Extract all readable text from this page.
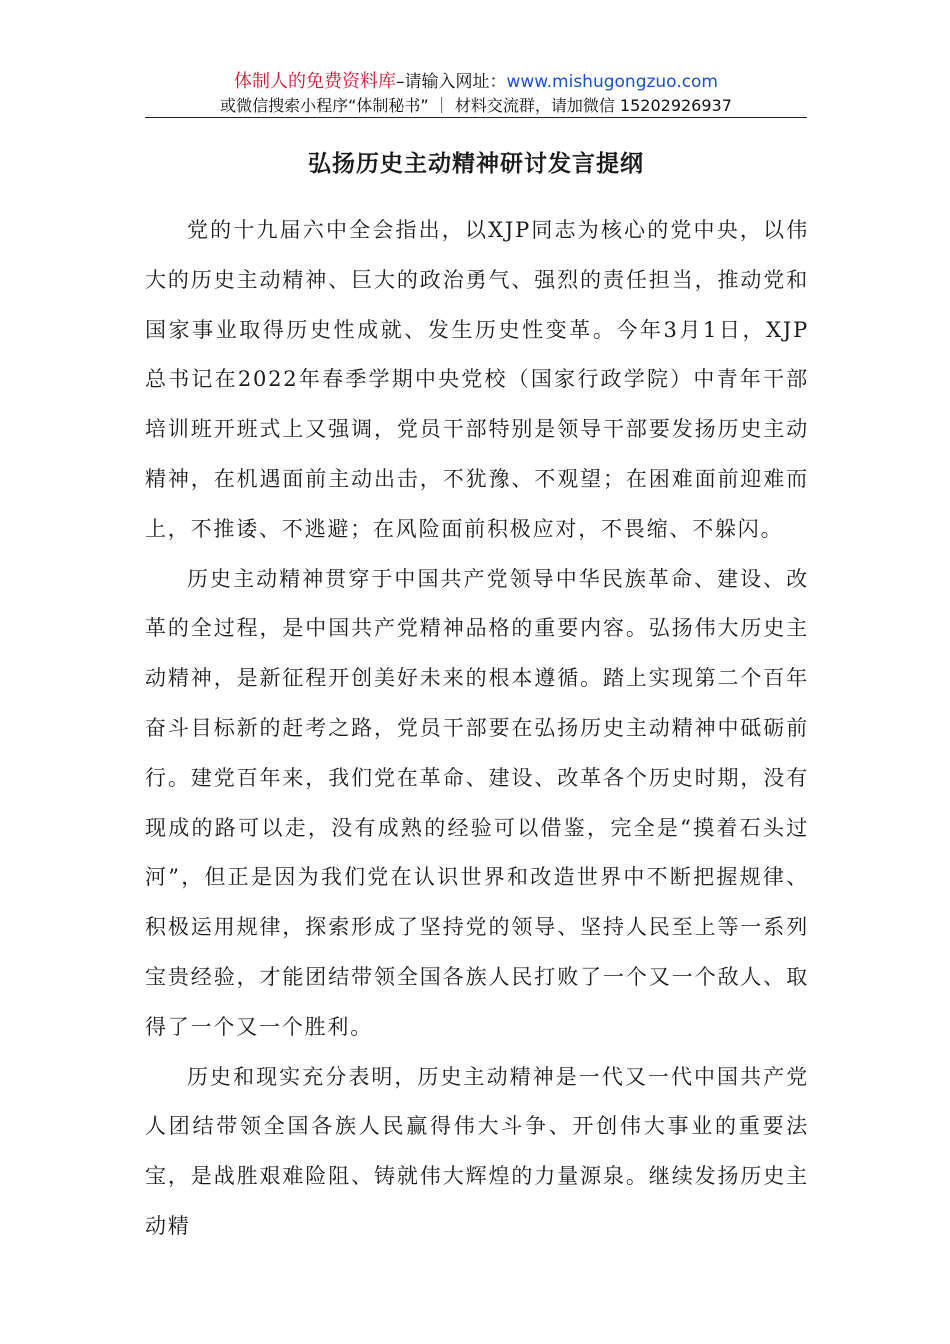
体制人的免费资料库–请输入网址：www.mishugongzuo.com
或微信搜索小程序“体制秘书” ｜ 材料交流群，请加微信 15202926937
弘扬历史主动精神研讨发言提纲

党的十九届六中全会指出，以XJP同志为核心的党中央，以伟大的历史主动精神、巨大的政治勇气、强烈的责任担当，推动党和国家事业取得历史性成就、发生历史性变革。今年3月1日，XJP总书记在2022年春季学期中央党校（国家行政学院）中青年干部培训班开班式上又强调，党员干部特别是领导干部要发扬历史主动精神，在机遇面前主动出击，不犹豫、不观望；在困难面前迎难而上，不推诿、不逃避；在风险面前积极应对，不畏缩、不躲闪。

历史主动精神贯穿于中国共产党领导中华民族革命、建设、改革的全过程，是中国共产党精神品格的重要内容。弘扬伟大历史主动精神，是新征程开创美好未来的根本遵循。踏上实现第二个百年奋斗目标新的赶考之路，党员干部要在弘扬历史主动精神中砥砺前行。建党百年来，我们党在革命、建设、改革各个历史时期，没有现成的路可以走，没有成熟的经验可以借鉴，完全是“摸着石头过河”，但正是因为我们党在认识世界和改造世界中不断把握规律、积极运用规律，探索形成了坚持党的领导、坚持人民至上等一系列宝贵经验，才能团结带领全国各族人民打败了一个又一个敌人、取得了一个又一个胜利。

历史和现实充分表明，历史主动精神是一代又一代中国共产党人团结带领全国各族人民赢得伟大斗争、开创伟大事业的重要法宝，是战胜艰难险阻、铸就伟大辉煌的力量源泉。继续发扬历史主动精
